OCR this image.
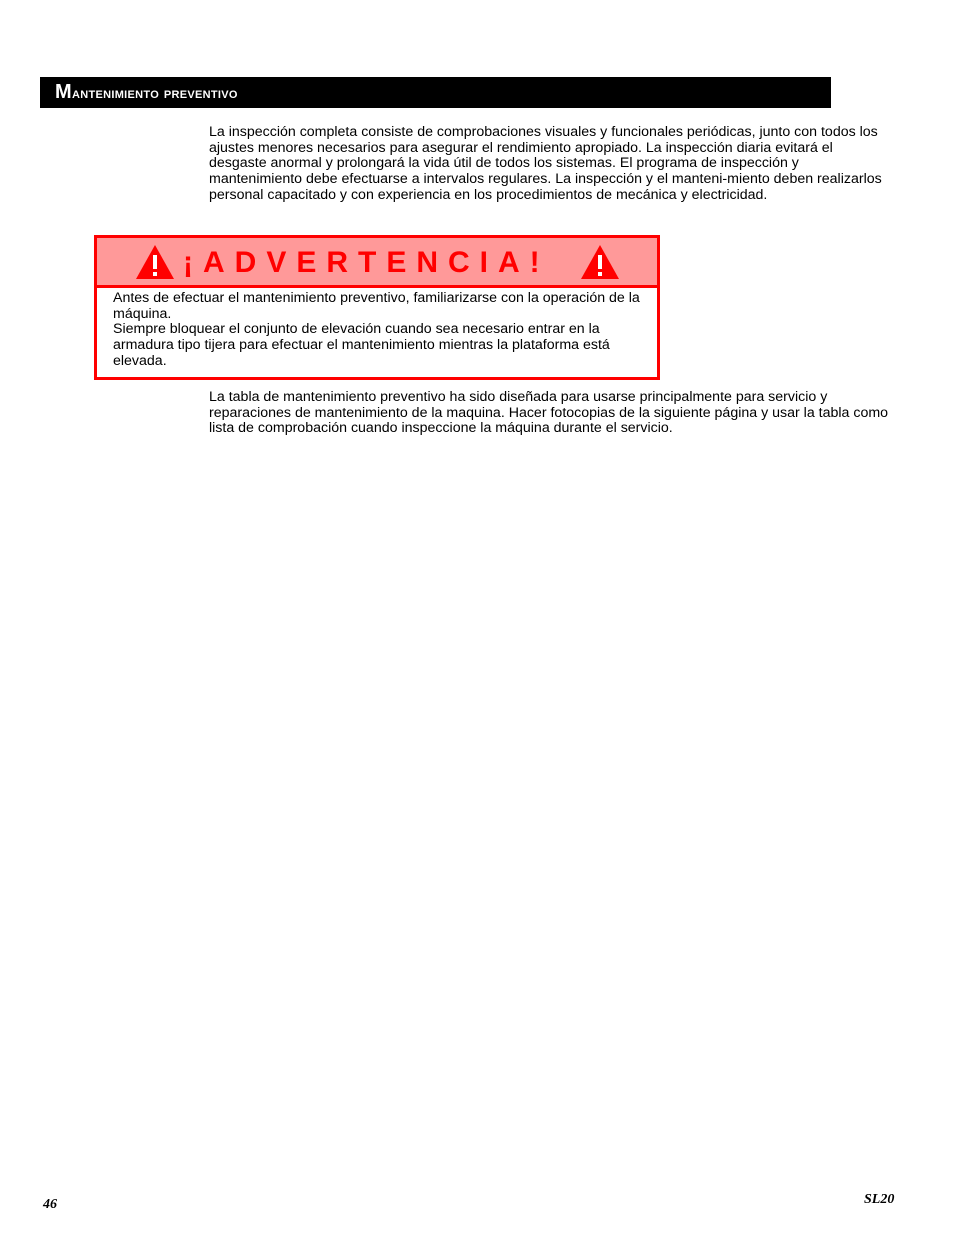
Mantenimiento preventivo

La inspección completa consiste de comprobaciones visuales y funcionales periódicas, junto con todos los ajustes menores necesarios para asegurar el rendimiento apropiado. La inspección diaria evitará el desgaste anormal y prolongará la vida útil de todos los sistemas. El programa de inspección y mantenimiento debe efectuarse a intervalos regulares. La inspección y el manteni-miento deben realizarlos personal capacitado y con experiencia en los procedimientos de mecánica y electricidad.

¡ADVERTENCIA!

Antes de efectuar el mantenimiento preventivo, familiarizarse con la operación de la máquina.

Siempre bloquear el conjunto de elevación cuando sea necesario entrar en la armadura tipo tijera para efectuar el mantenimiento mientras la plataforma está elevada.

La tabla de mantenimiento preventivo ha sido diseñada para usarse principalmente para servicio y reparaciones de mantenimiento de la maquina. Hacer fotocopias de la siguiente página y usar la tabla como lista de comprobación cuando inspeccione la máquina durante el servicio.

46	SL20
